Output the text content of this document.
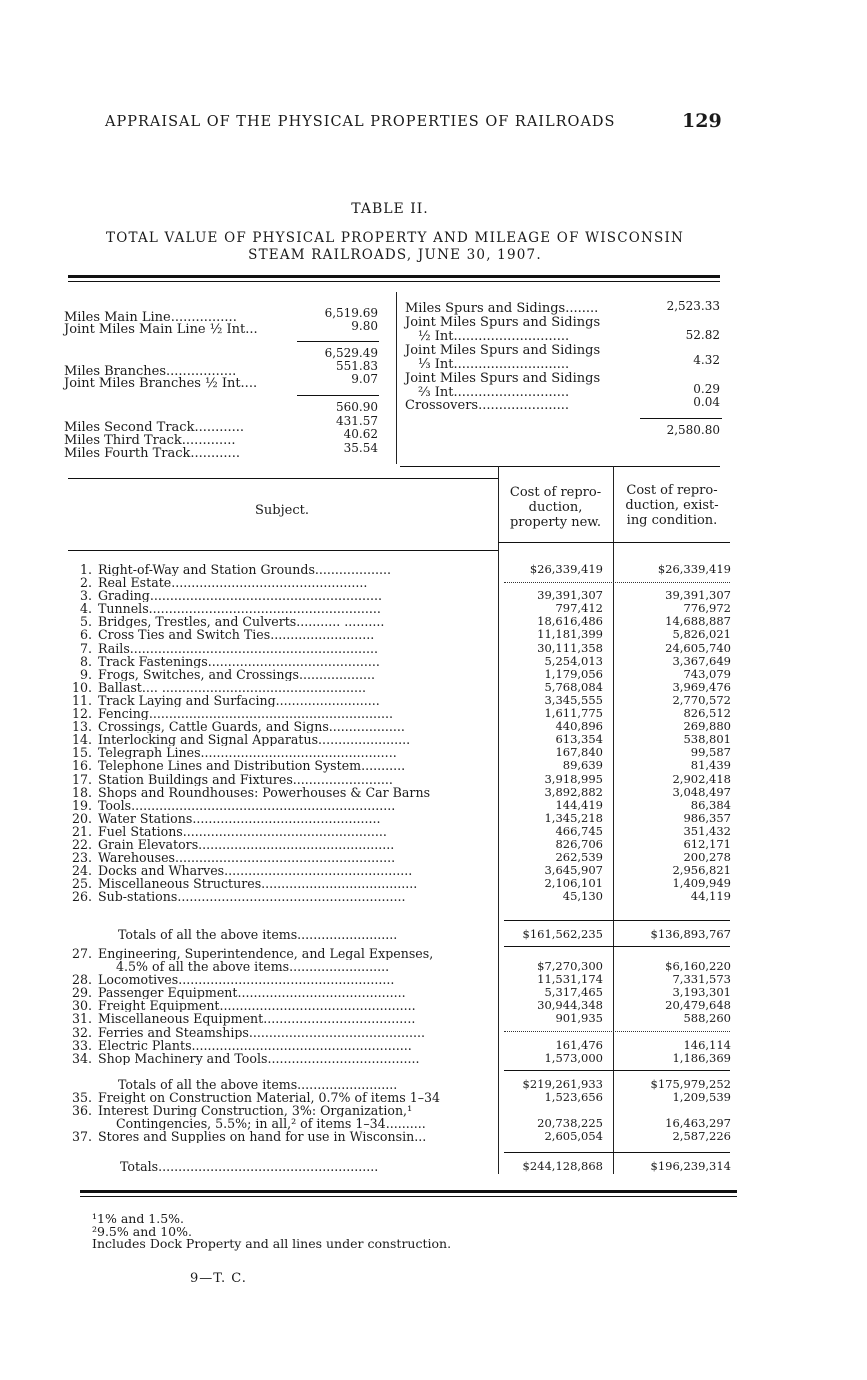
APPRAISAL OF THE PHYSICAL PROPERTIES OF RAILROADS	129
TABLE II.
TOTAL VALUE OF PHYSICAL PROPERTY AND MILEAGE OF WISCONSIN
STEAM RAILROADS, JUNE 30, 1907.
Miles Main Line................	6,519.69
Joint Miles Main Line ½ Int...	9.80
6,529.49
Miles Branches.................	551.83
Joint Miles Branches ½ Int....	9.07
560.90
Miles Second Track............	431.57
Miles Third Track.............	40.62
Miles Fourth Track............	35.54
Miles Spurs and Sidings........	2,523.33
Joint Miles Spurs and Sidings
½ Int............................	52.82
Joint Miles Spurs and Sidings
⅓ Int............................	4.32
Joint Miles Spurs and Sidings
⅔ Int............................	0.29
Crossovers......................	0.04
2,580.80
Subject.
Cost of repro-
duction,
property new.
Cost of repro-
duction, exist-
ing condition.
1. Right-of-Way and Station Grounds...................	$26,339,419	$26,339,419
2. Real Estate.................................................
3. Grading..........................................................	39,391,307	39,391,307
4. Tunnels..........................................................	797,412	776,972
5. Bridges, Trestles, and Culverts........... ..........	18,616,486	14,688,887
6. Cross Ties and Switch Ties..........................	11,181,399	5,826,021
7. Rails..............................................................	30,111,358	24,605,740
8. Track Fastenings...........................................	5,254,013	3,367,649
9. Frogs, Switches, and Crossings...................	1,179,056	743,079
10. Ballast.... ...................................................	5,768,084	3,969,476
11. Track Laying and Surfacing..........................	3,345,555	2,770,572
12. Fencing.............................................................	1,611,775	826,512
13. Crossings, Cattle Guards, and Signs...................	440,896	269,880
14. Interlocking and Signal Apparatus.......................	613,354	538,801
15. Telegraph Lines.................................................	167,840	99,587
16. Telephone Lines and Distribution System...........	89,639	81,439
17. Station Buildings and Fixtures.........................	3,918,995	2,902,418
18. Shops and Roundhouses: Powerhouses & Car Barns	3,892,882	3,048,497
19. Tools..................................................................	144,419	86,384
20. Water Stations...............................................	1,345,218	986,357
21. Fuel Stations...................................................	466,745	351,432
22. Grain Elevators.................................................	826,706	612,171
23. Warehouses.......................................................	262,539	200,278
24. Docks and Wharves...............................................	3,645,907	2,956,821
25. Miscellaneous Structures.......................................	2,106,101	1,409,949
26. Sub-stations.........................................................	45,130	44,119
Totals of all the above items.........................	$161,562,235	$136,893,767
27. Engineering, Superintendence, and Legal Expenses,
4.5% of all the above items.........................	$7,270,300	$6,160,220
28. Locomotives......................................................	11,531,174	7,331,573
29. Passenger Equipment..........................................	5,317,465	3,193,301
30. Freight Equipment.................................................	30,944,348	20,479,648
31. Miscellaneous Equipment......................................	901,935	588,260
32. Ferries and Steamships............................................
33. Electric Plants.......................................................	161,476	146,114
34. Shop Machinery and Tools......................................	1,573,000	1,186,369
Totals of all the above items.........................	$219,261,933	$175,979,252
35. Freight on Construction Material, 0.7% of items 1–34	1,523,656	1,209,539
36. Interest During Construction, 3%: Organization,¹
Contingencies, 5.5%; in all,² of items 1–34..........	20,738,225	16,463,297
37. Stores and Supplies on hand for use in Wisconsin...	2,605,054	2,587,226
Totals.......................................................	$244,128,868	$196,239,314
¹1% and 1.5%.
²9.5% and 10%.
Includes Dock Property and all lines under construction.
9—T. C.
